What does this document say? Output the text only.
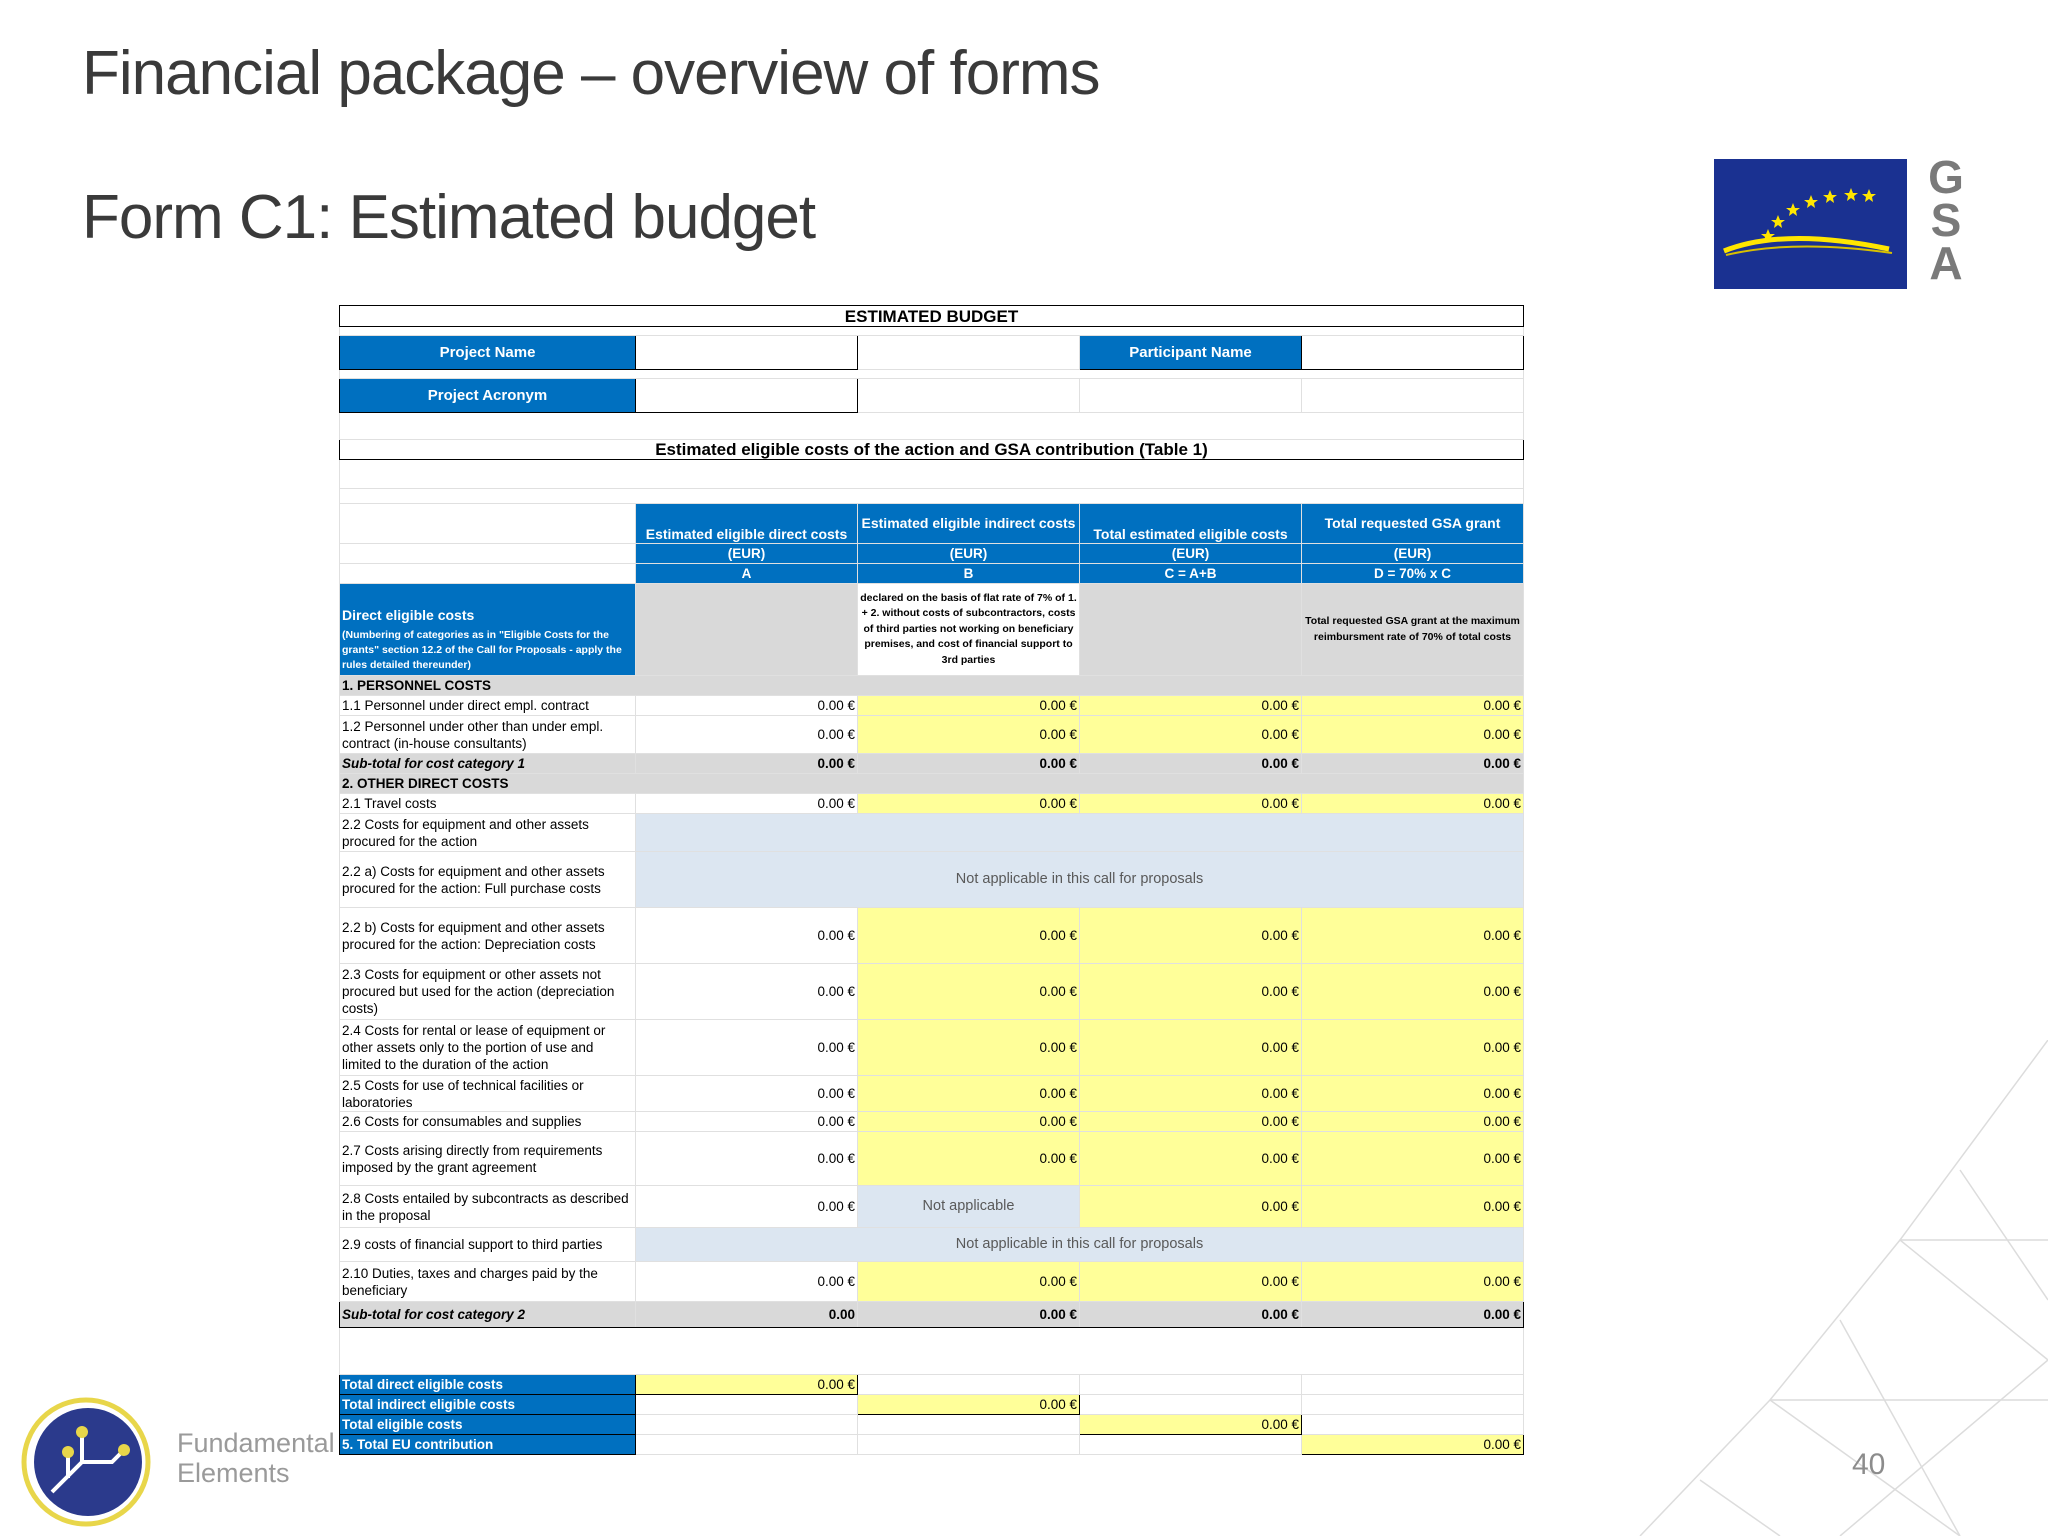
Financial package – overview of forms
Form C1: Estimated budget
G
S
A
Fundamental
Elements	40
ESTIMATED BUDGET				

Project Name			Participant Name	

Project Acronym				

Estimated eligible costs of the action and GSA contribution (Table 1)				

	Estimated eligible direct costs	Estimated eligible indirect costs	Total estimated eligible costs	Total requested GSA grant
	(EUR)	(EUR)	(EUR)	(EUR)
	A	B	C = A+B	D = 70% x C

Direct eligible costs
(Numbering of categories as in "Eligible Costs for the grants" section 12.2 of the Call for Proposals - apply the rules detailed thereunder)		declared on the basis of flat rate of 7% of 1. + 2. without costs of subcontractors, costs of third parties not working on beneficiary premises, and cost of financial support to 3rd parties		Total requested GSA grant at the maximum reimbursment rate of 70% of total costs
1. PERSONNEL COSTS				
1.1 Personnel under direct empl. contract	0.00 €	0.00 €	0.00 €	0.00 €
1.2 Personnel under other than under empl. contract (in-house consultants)	0.00 €	0.00 €	0.00 €	0.00 €
Sub-total for cost category 1	0.00 €	0.00 €	0.00 €	0.00 €
2. OTHER DIRECT COSTS				
2.1 Travel costs	0.00 €	0.00 €	0.00 €	0.00 €
2.2 Costs for equipment and other assets procured for the action				
2.2 a) Costs for equipment and other assets procured for the action: Full purchase costs	Not applicable in this call for proposals			
2.2 b) Costs for equipment and other assets procured for the action: Depreciation costs	0.00 €	0.00 €	0.00 €	0.00 €
2.3 Costs for equipment or other assets not procured but used for the action (depreciation costs)	0.00 €	0.00 €	0.00 €	0.00 €
2.4 Costs for rental or lease of equipment or other assets only to the portion of use and limited to the duration of the action	0.00 €	0.00 €	0.00 €	0.00 €
2.5 Costs for use of technical facilities or laboratories	0.00 €	0.00 €	0.00 €	0.00 €
2.6 Costs for consumables and supplies	0.00 €	0.00 €	0.00 €	0.00 €
2.7 Costs arising directly from requirements imposed by the grant agreement	0.00 €	0.00 €	0.00 €	0.00 €
2.8 Costs entailed by subcontracts as described in the proposal	0.00 €	Not applicable	0.00 €	0.00 €
2.9 costs of financial support to third parties	Not applicable in this call for proposals			
2.10 Duties, taxes and charges paid by the beneficiary	0.00 €	0.00 €	0.00 €	0.00 €
Sub-total for cost category 2	0.00	0.00 €	0.00 €	0.00 €

Total direct eligible costs	0.00 €			
Total indirect eligible costs		0.00 €		
Total eligible costs			0.00 €	
5. Total EU contribution				0.00 €
